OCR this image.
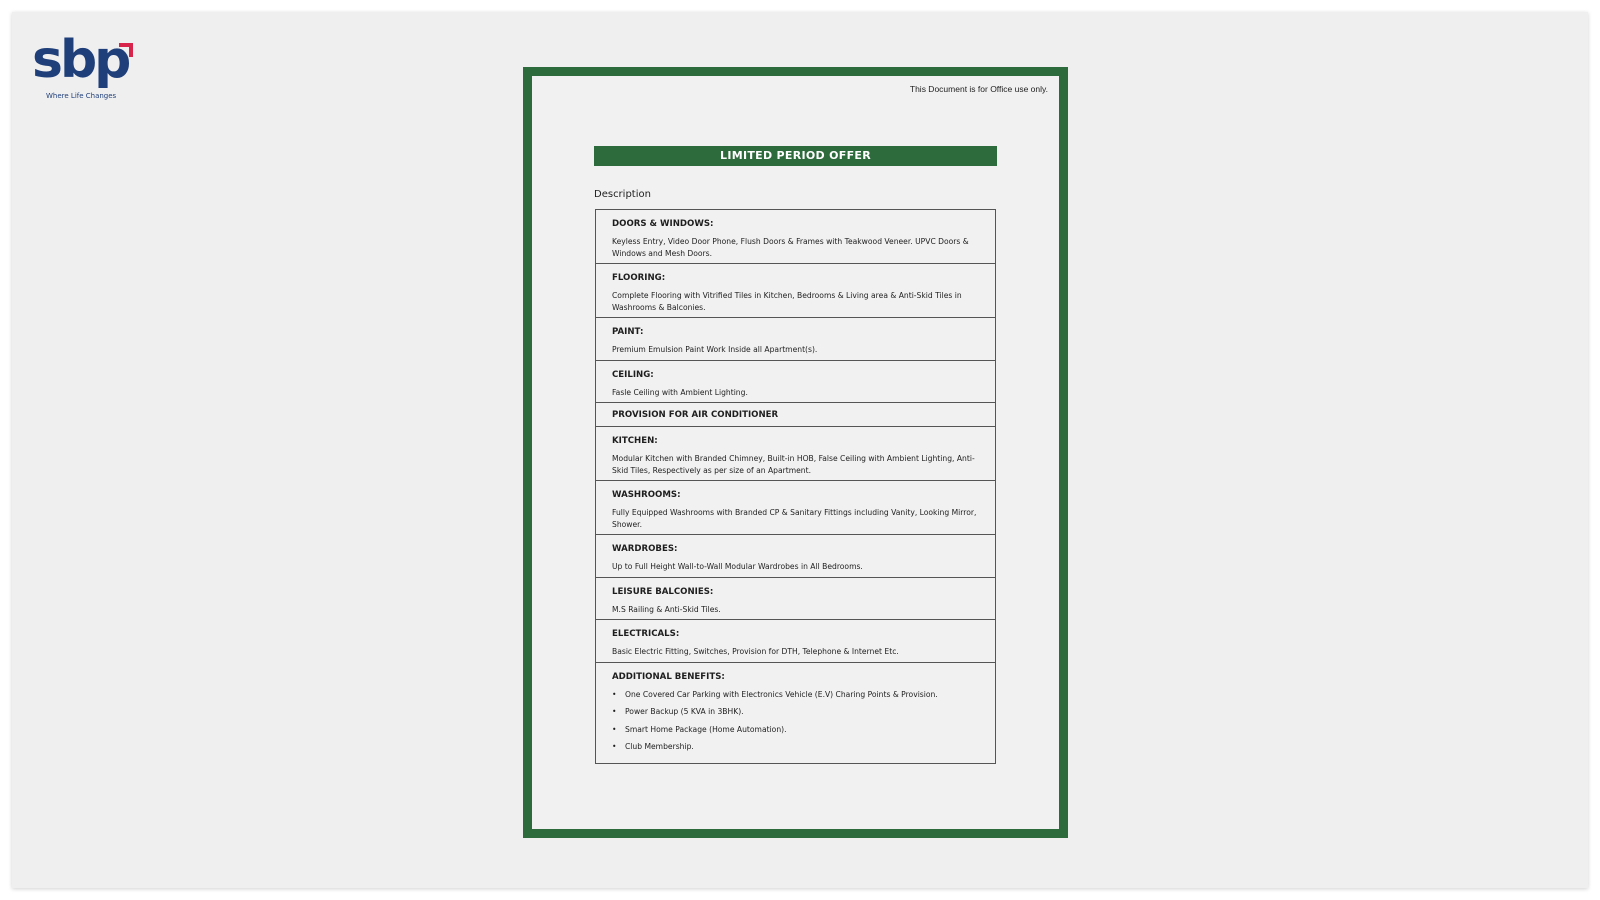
sbp
Where Life Changes
This Document is for Office use only.
LIMITED PERIOD OFFER
Description
DOORS & WINDOWS:
Keyless Entry, Video Door Phone, Flush Doors & Frames with Teakwood Veneer. UPVC Doors & Windows and Mesh Doors.
FLOORING:
Complete Flooring with Vitrified Tiles in Kitchen, Bedrooms & Living area & Anti-Skid Tiles in Washrooms & Balconies.
PAINT:
Premium Emulsion Paint Work Inside all Apartment(s).
CEILING:
Fasle Ceiling with Ambient Lighting.
PROVISION FOR AIR CONDITIONER
KITCHEN:
Modular Kitchen with Branded Chimney, Built-in HOB, False Ceiling with Ambient Lighting, Anti-Skid Tiles, Respectively as per size of an Apartment.
WASHROOMS:
Fully Equipped Washrooms with Branded CP & Sanitary Fittings including Vanity, Looking Mirror, Shower.
WARDROBES:
Up to Full Height Wall-to-Wall Modular Wardrobes in All Bedrooms.
LEISURE BALCONIES:
M.S Railing & Anti-Skid Tiles.
ELECTRICALS:
Basic Electric Fitting, Switches, Provision for DTH, Telephone & Internet Etc.
ADDITIONAL BENEFITS:
• One Covered Car Parking with Electronics Vehicle (E.V) Charing Points & Provision.
• Power Backup (5 KVA in 3BHK).
• Smart Home Package (Home Automation).
• Club Membership.
